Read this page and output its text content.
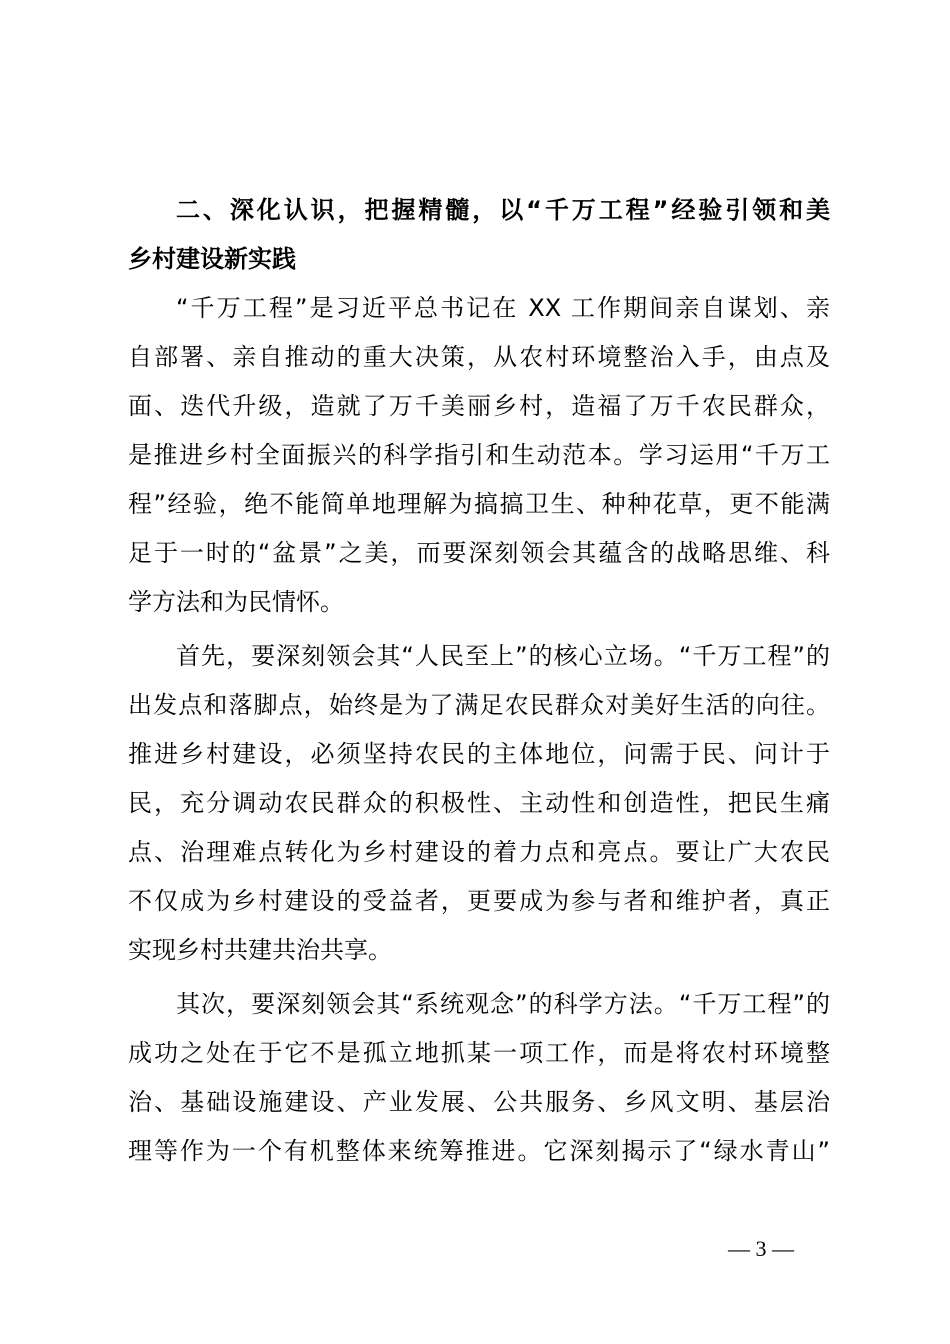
二、深化认识，把握精髓，以“千万工程”经验引领和美
乡村建设新实践
“千万工程”是习近平总书记在 XX 工作期间亲自谋划、亲
自部署、亲自推动的重大决策，从农村环境整治入手，由点及
面、迭代升级，造就了万千美丽乡村，造福了万千农民群众，
是推进乡村全面振兴的科学指引和生动范本。学习运用“千万工
程”经验，绝不能简单地理解为搞搞卫生、种种花草，更不能满
足于一时的“盆景”之美，而要深刻领会其蕴含的战略思维、科
学方法和为民情怀。
首先，要深刻领会其“人民至上”的核心立场。“千万工程”的
出发点和落脚点，始终是为了满足农民群众对美好生活的向往。
推进乡村建设，必须坚持农民的主体地位，问需于民、问计于
民，充分调动农民群众的积极性、主动性和创造性，把民生痛
点、治理难点转化为乡村建设的着力点和亮点。要让广大农民
不仅成为乡村建设的受益者，更要成为参与者和维护者，真正
实现乡村共建共治共享。
其次，要深刻领会其“系统观念”的科学方法。“千万工程”的
成功之处在于它不是孤立地抓某一项工作，而是将农村环境整
治、基础设施建设、产业发展、公共服务、乡风文明、基层治
理等作为一个有机整体来统筹推进。它深刻揭示了“绿水青山”
— 3 —
